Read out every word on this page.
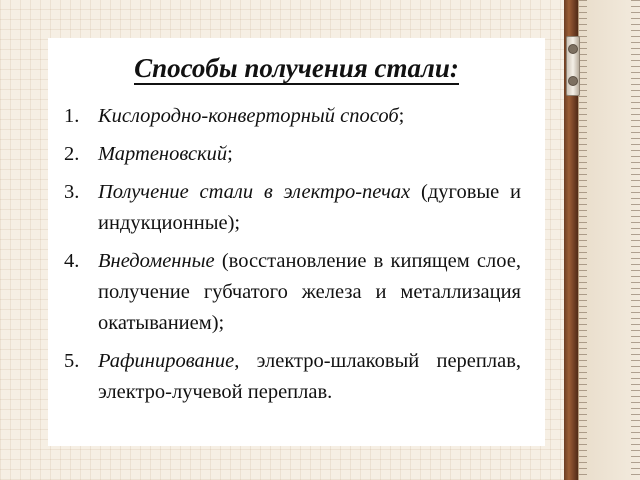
Способы получения стали:
1. Кислородно-конверторный способ;
2. Мартеновский;
3. Получение стали в электро-печах (дуговые и индукционные);
4. Внедоменные (восстановление в кипящем слое, получение губчатого железа и металлизация окатыванием);
5. Рафинирование, электро-шлаковый переплав, электро-лучевой переплав.
